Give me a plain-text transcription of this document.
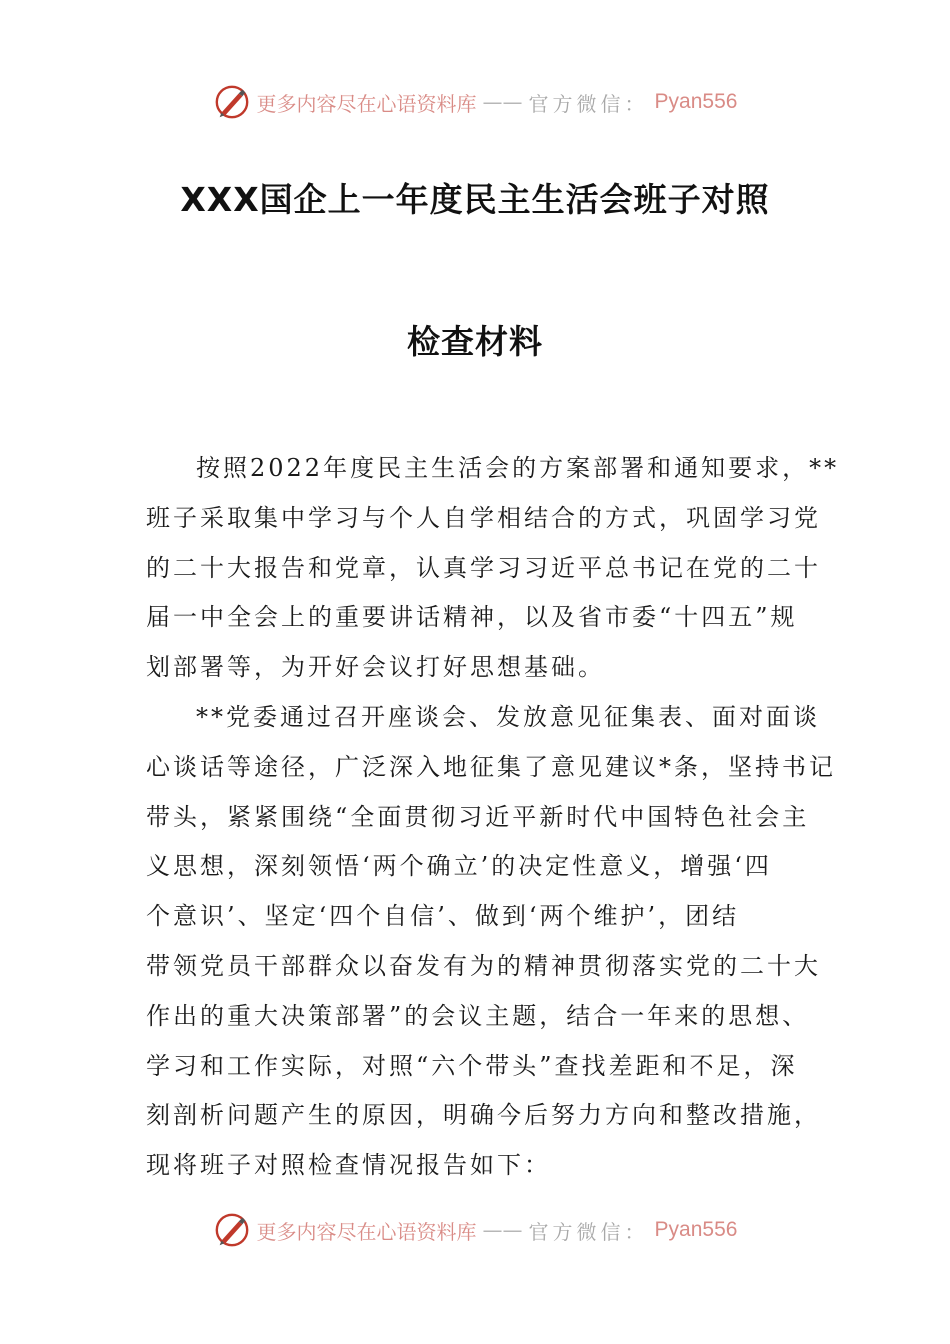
更多内容尽在心语资料库 —— 官方微信： Pyan556
XXX国企上一年度民主生活会班子对照
检查材料
按照2022年度民主生活会的方案部署和通知要求，**
班子采取集中学习与个人自学相结合的方式，巩固学习党
的二十大报告和党章，认真学习习近平总书记在党的二十
届一中全会上的重要讲话精神，以及省市委“十四五”规
划部署等，为开好会议打好思想基础。
**党委通过召开座谈会、发放意见征集表、面对面谈
心谈话等途径，广泛深入地征集了意见建议*条，坚持书记
带头，紧紧围绕“全面贯彻习近平新时代中国特色社会主
义思想，深刻领悟‘两个确立’的决定性意义，增强‘四
个意识’、坚定‘四个自信’、做到‘两个维护’，团结
带领党员干部群众以奋发有为的精神贯彻落实党的二十大
作出的重大决策部署”的会议主题，结合一年来的思想、
学习和工作实际，对照“六个带头”查找差距和不足，深
刻剖析问题产生的原因，明确今后努力方向和整改措施，
现将班子对照检查情况报告如下：
更多内容尽在心语资料库 —— 官方微信： Pyan556
